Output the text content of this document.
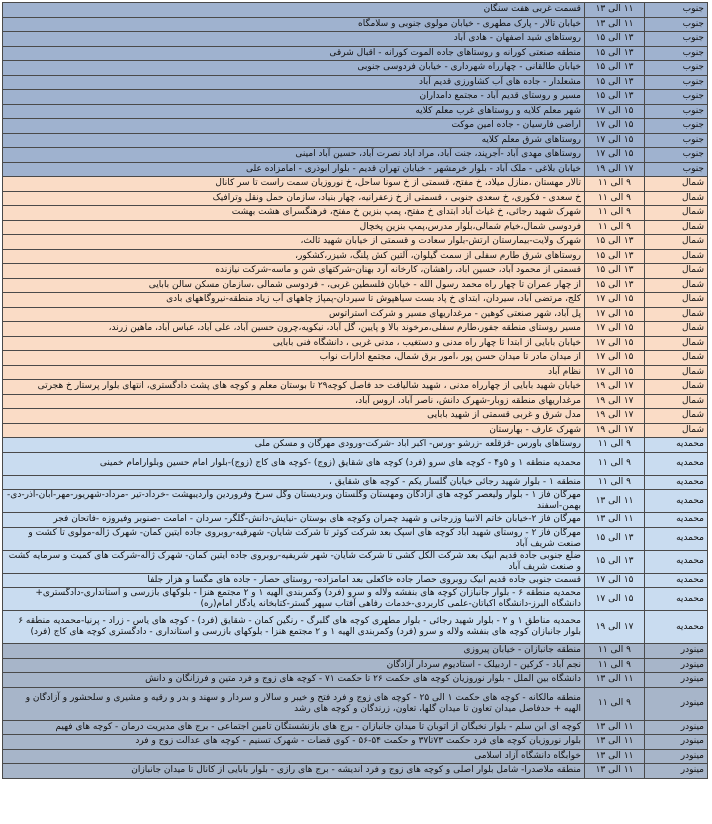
جنوب	۱۱ الی ۱۳	قسمت غربی هفت سنگان
جنوب	۱۱ الی ۱۳	خیابان تالار - پارک مطهری - خیابان مولوی جنوبی و سلامگاه
جنوب	۱۳ الی ۱۵	روستاهای شید اصفهان - هادی آباد
جنوب	۱۳ الی ۱۵	منطقه صنعتی کورانه و روستاهای جاده الموت کورانه - اقبال شرقی
جنوب	۱۳ الی ۱۵	خیابان طالقانی - چهارراه شهرداری - خیابان فردوسی جنوبی
جنوب	۱۳ الی ۱۵	مشعلدار - جاده های آب کشاورزی قدیم آباد
جنوب	۱۳ الی ۱۵	مسیر و روستای قدیم آباد - مجتمع دامداران
جنوب	۱۵ الی ۱۷	شهر معلم کلایه و روستاهای غرب معلم کلایه
جنوب	۱۵ الی ۱۷	اراضی فارسیان - جاده امین موکت
جنوب	۱۵ الی ۱۷	روستاهای شرق معلم کلایه
جنوب	۱۵ الی ۱۷	روستاهای مهدی آباد -آجرپند، جنت آباد، مراد اباد نصرت آباد، حسین آباد امینی
جنوب	۱۷ الی ۱۹	خیابان بلاغی - ملک آباد - بلوار خرمشهر - خیابان تهران قدیم - بلوار ابوذری - امامزاده علی
شمال	۹ الی ۱۱	تالار مهستان ،منازل میلاد، خ مفتح، قسمتی از خ سونا ساحل، خ نوروزیان سمت راست تا سر کانال
شمال	۹ الی ۱۱	خ سعدی - فکوری، خ سعدی جنوبی ، قسمتی از خ زعفرانیه، چهار بنیاد، سازمان حمل ونقل وترافیک
شمال	۹ الی ۱۱	شهرک شهید رجائی، خ غیاث آباد ابتدای خ مفتح، پمپ بنزین خ مفتح، فرهنگسرای هشت بهشت
شمال	۹ الی ۱۱	فردوسی شمال،خیام شمالی،بلوار مدرس،پمپ بنزین پخچال
شمال	۱۳ الی ۱۵	شهرک ولایت-بیمارستان ارتش-بلوار سعادت و قسمتی از خیابان شهید ثالث،
شمال	۱۳ الی ۱۵	روستاهای شرق طارم سفلی از سمت گیلوان، آلتین کش پلنگ، شیزر،کشکور،
شمال	۱۳ الی ۱۵	قسمتی از محمود آباد، حسین اباد، راهشان، کارخانه آرد بهنان-شرکتهای شن و ماسه-شرکت نیازنده
شمال	۱۳ الی ۱۵	از چهار عمران تا چهار راه محمد رسول الله - خیابان فلسطین غربی، - فردوسی شمالی ،سازمان مسکن سالن بابایی
شمال	۱۵ الی ۱۷	کلج، مرتضی آباد، سیردان، ابتدای خ پاد بست سیاهپوش تا سیردان-پمپاژ چاههای آب زیاد منطقه-نیروگاههای بادی
شمال	۱۵ الی ۱۷	پل آباد، شهر صنعتی کوهین - مرغداریهای مسیر و شرکت استراتوس
شمال	۱۵ الی ۱۷	مسیر روستای منطقه جفور،طارم سفلی،مرخوند بالا و پایین، گل آباد، نیکویه،چرون حسین آباد، علی آباد، عباس آباد، ماهین زرند،
شمال	۱۵ الی ۱۷	خیابان بابایی از ابتدا تا چهار راه مدنی و دستغیب ، مدنی غربی ، دانشگاه فنی بابایی
شمال	۱۵ الی ۱۷	از میدان مادر تا میدان حسن پور ،امور برق شمال، مجتمع ادارات نواب
شمال	۱۵ الی ۱۷	نظام آباد
شمال	۱۷ الی ۱۹	خیابان شهید بابایی از چهارراه مدنی ، شهید شالیافت حد فاصل کوچه۲۹ تا بوستان معلم و کوچه های پشت دادگستری، انتهای بلوار پرستار خ هجرتی
شمال	۱۷ الی ۱۹	مرغداریهای منطقه زوبار-شهرک دانش، ناصر آباد، اروس آباد،
شمال	۱۷ الی ۱۹	مدل شرق و غربی قسمتی از شهید بابایی
شمال	۱۷ الی ۱۹	شهرک عارف - بهارستان
محمدیه	۹ الی ۱۱	روستاهای باورس -قزقلعه -زرشو -ورس- اکبر اباد -شرکت-ورودی مهرگان و مسکن ملی
محمدیه	۹ الی ۱۱	محمدیه منطقه ۱ و ۵و۴ - کوچه های سرو (فرد) کوچه های شقایق (زوج) -کوچه های کاج (زوج)-بلوار امام حسین وبلوارامام خمینی
محمدیه	۹ الی ۱۱	منطقه ۱ - بلوار شهید رجائی خیابان گلسار یکم - کوچه های شقایق ،
محمدیه	۱۱ الی ۱۳	مهرگان فاز ۱ - بلوار ولیعصر کوچه های آزادگان ومهستان وگلستان وبردیستان وگل سرخ وفروردین واردیبهشت -خرداد-تیر -مرداد-شهریور-مهر-ابان-اذر-دی-بهمن-اسفند
محمدیه	۱۱ الی ۱۳	مهرگان فاز ۲-خیابان خاتم الانبیا وزرجانی و شهید چمران وکوچه های بوستان -نیایش-دانش-گلگر- سردان - امامت -صنوبر وفیروزه -فاتحان فجر
محمدیه	۱۳ الی ۱۵	مهرگان فاز ۲ - روستای شهید آباد کوچه های اسپک بعد شرکت کوثر تا شرکت شایان- شهرقیه-روبروی جاده ایتین کمان- شهرک ژاله-مولوی تا کشت و صنعت شریف آباد
محمدیه	۱۳ الی ۱۵	ضلع جنوبی جاده قدیم ابیک بعد شرکت الکل کشی تا شرکت شایان- شهر شریفیه-روبروی جاده ایتین کمان- شهرک ژاله-شرکت های کمیت و سرمایه کشت و صنعت شریف آباد
محمدیه	۱۵ الی ۱۷	قسمت جنوبی جاده قدیم ابیک روبروی حصار جاده خاکعلی بعد امامزاده- روستای حصار - جاده های مگسا و هزار جلفا
محمدیه	۱۵ الی ۱۷	محمدیه منطقه ۶ - بلوار جانبازان کوچه های بنفشه ولاله و سرو (فرد) وکمربندی الهیه ۱ و ۲ مجتمع هنزا - بلوکهای بازرسی و استانداری-دادگستری+ دانشگاه البرز-دانشگاه اکباتان-علمی کاربردی-خدمات رفاهی آفتاب سپهر گستر-کتابخانه یادگار امام(ره)
محمدیه	۱۷ الی ۱۹	محمدیه مناطق ۱ و ۲ - بلوار شهید رجائی - بلوار مطهری کوچه های گلبرگ - رنگین کمان - شقایق (فرد) - کوچه های یاس - زراد - پرنیا-محمدیه منطقه ۶ بلوار جانبازان کوچه های بنفشه ولاله و سرو (فرد) وکمربندی الهیه ۱ و ۲ مجتمع هنزا - بلوکهای بازرسی و استانداری - دادگستری کوچه های کاج (فرد)
مینودر	۹ الی ۱۱	منطقه جانبازان - خیابان پیروزی
مینودر	۹ الی ۱۱	نجم آباد - کرکین - اردبیلک - استادیوم سردار آزادگان
مینودر	۱۱ الی ۱۳	دانشگاه بین الملل - بلوار نوروزیان کوچه های حکمت ۲۶ تا حکمت ۷۱ - کوچه های زوج و فرد متین و فرزانگان و دانش
مینودر	۹ الی ۱۱	منطقه مالکانه - کوچه های حکمت ۱ الی ۲۵ - کوچه های زوج و فرد فتح و خیبر و سالار و سردار و سهند و بدر و رقیه و مشیری و سلحشور و آزادگان و الهیه + حدفاصل میدان تعاون تا میدان گلها، تعاون، زرندگان و کوچه های رشد
مینودر	۱۱ الی ۱۳	کوچه ای ابن سلم - بلوار نخبگان از اتوبان تا میدان جانبازان - برج های بازنشستگان تامین اجتماعی - برج های مدیریت درمان - کوچه های فهیم
مینودر	۱۱ الی ۱۳	بلوار نوروزیان کوچه های فرد حکمت ۷۳تا۳۷ و حکمت ۵۴-۵۶ - کوی قضات - شهرک تسنیم - کوچه های عدالت زوج و فرد
مینودر	۱۱ الی ۱۳	خوابگاه دانشگاه آزاد اسلامی
مینودر	۱۱ الی ۱۳	منطقه ملاصدرا- شامل بلوار اصلی و کوچه های زوج و فرد اندیشه - برج های رازی - بلوار بابایی از کانال تا میدان جانبازان
